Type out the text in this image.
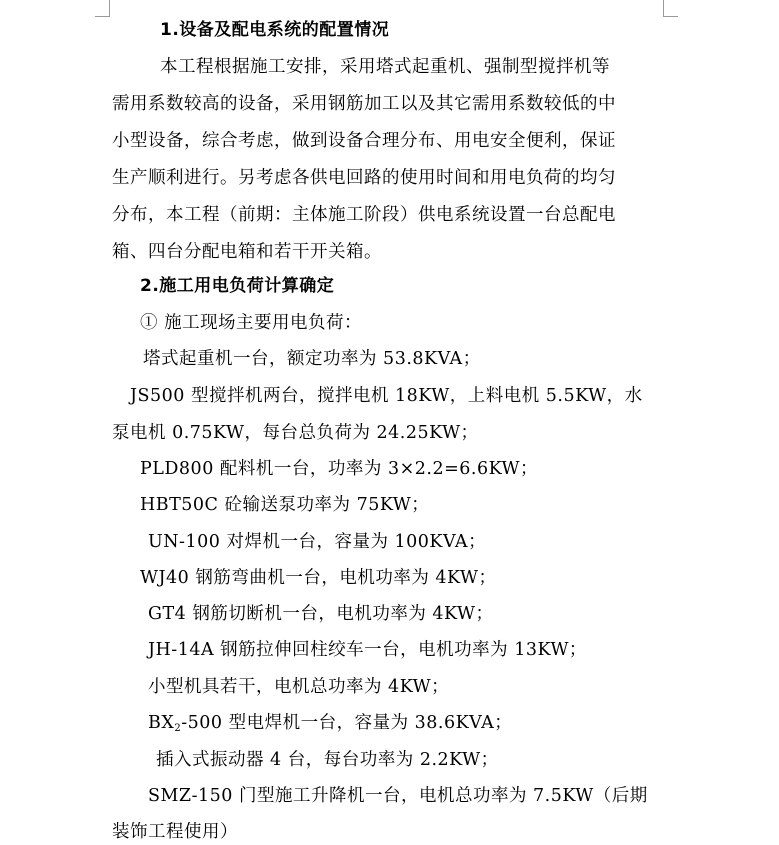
1.设备及配电系统的配置情况
本工程根据施工安排，采用塔式起重机、强制型搅拌机等
需用系数较高的设备，采用钢筋加工以及其它需用系数较低的中
小型设备，综合考虑，做到设备合理分布、用电安全便利，保证
生产顺利进行。另考虑各供电回路的使用时间和用电负荷的均匀
分布，本工程（前期：主体施工阶段）供电系统设置一台总配电
箱、四台分配电箱和若干开关箱。
2.施工用电负荷计算确定
① 施工现场主要用电负荷：
塔式起重机一台，额定功率为 53.8KVA；
JS500 型搅拌机两台，搅拌电机 18KW，上料电机 5.5KW，水
泵电机 0.75KW，每台总负荷为 24.25KW；
PLD800 配料机一台，功率为 3×2.2=6.6KW；
HBT50C 砼输送泵功率为 75KW；
UN-100 对焊机一台，容量为 100KVA；
WJ40 钢筋弯曲机一台，电机功率为 4KW；
GT4 钢筋切断机一台，电机功率为 4KW；
JH-14A 钢筋拉伸回柱绞车一台，电机功率为 13KW；
小型机具若干，电机总功率为 4KW；
$BX_2-500$ 型电焊机一台，容量为 38.6KVA；
插入式振动器 4 台，每台功率为 2.2KW；
SMZ-150 门型施工升降机一台，电机总功率为 7.5KW（后期
装饰工程使用）
